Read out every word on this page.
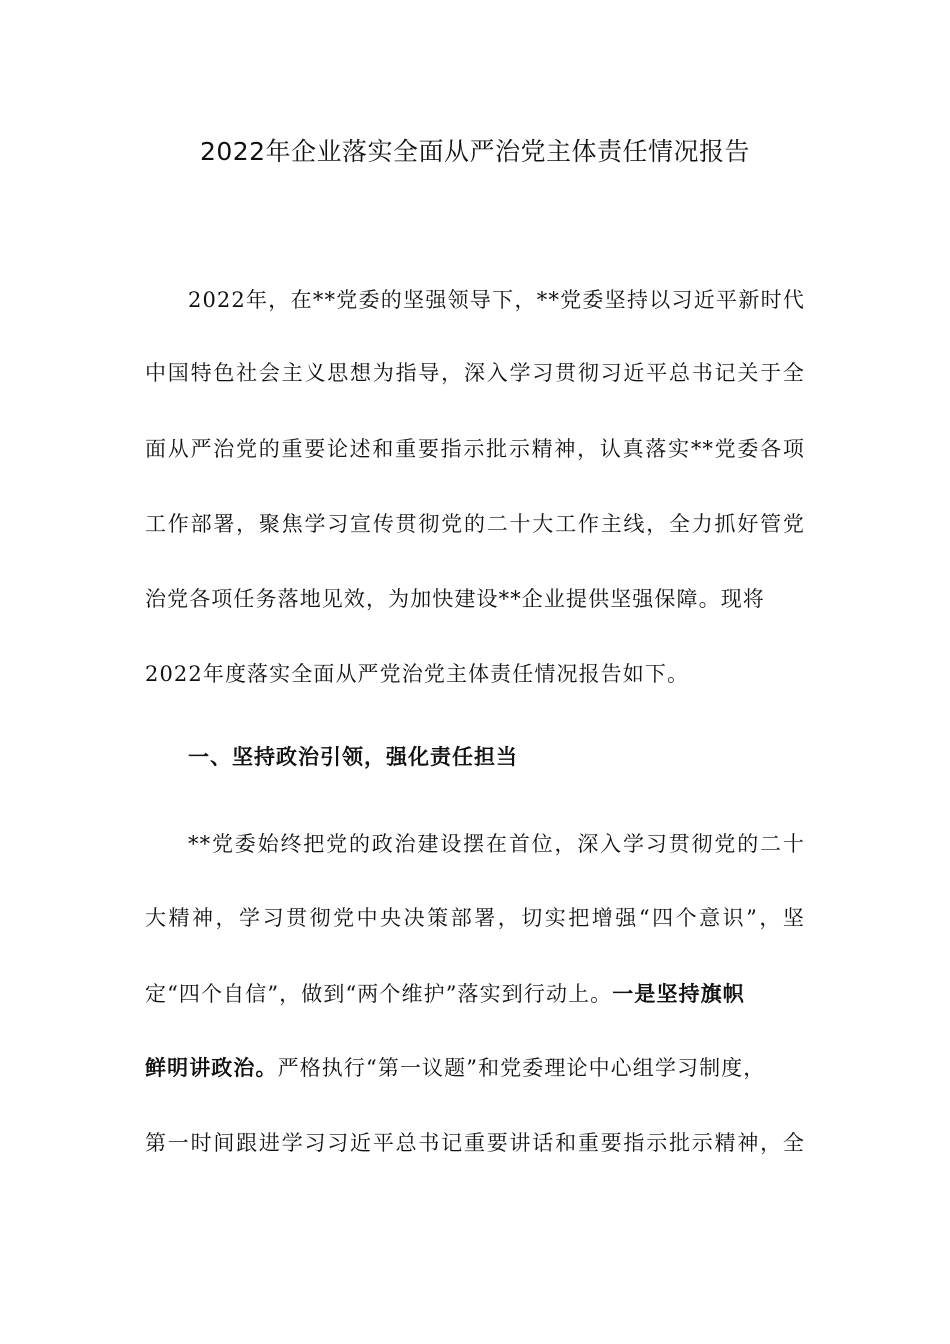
2022年企业落实全面从严治党主体责任情况报告
2022年，在**党委的坚强领导下，**党委坚持以习近平新时代
中国特色社会主义思想为指导，深入学习贯彻习近平总书记关于全
面从严治党的重要论述和重要指示批示精神，认真落实**党委各项
工作部署，聚焦学习宣传贯彻党的二十大工作主线，全力抓好管党
治党各项任务落地见效，为加快建设**企业提供坚强保障。现将
2022年度落实全面从严党治党主体责任情况报告如下。
一、坚持政治引领，强化责任担当
**党委始终把党的政治建设摆在首位，深入学习贯彻党的二十
大精神，学习贯彻党中央决策部署，切实把增强“四个意识”，坚
定“四个自信”，做到“两个维护”落实到行动上。一是坚持旗帜
鲜明讲政治。严格执行“第一议题”和党委理论中心组学习制度，
第一时间跟进学习习近平总书记重要讲话和重要指示批示精神，全
